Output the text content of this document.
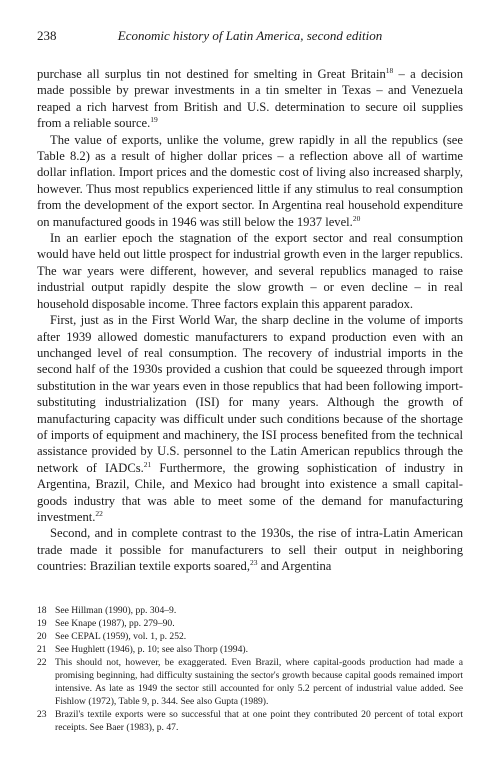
238	Economic history of Latin America, second edition

purchase all surplus tin not destined for smelting in Great Britain$^{18}$ – a decision made possible by prewar investments in a tin smelter in Texas – and Venezuela reaped a rich harvest from British and U.S. determination to secure oil supplies from a reliable source.$^{19}$

The value of exports, unlike the volume, grew rapidly in all the republics (see Table 8.2) as a result of higher dollar prices – a reflection above all of wartime dollar inflation. Import prices and the domestic cost of living also increased sharply, however. Thus most republics experienced little if any stimulus to real consumption from the development of the export sector. In Argentina real household expenditure on manufactured goods in 1946 was still below the 1937 level.$^{20}$

In an earlier epoch the stagnation of the export sector and real consumption would have held out little prospect for industrial growth even in the larger republics. The war years were different, however, and several republics managed to raise industrial output rapidly despite the slow growth – or even decline – in real household disposable income. Three factors explain this apparent paradox.

First, just as in the First World War, the sharp decline in the volume of imports after 1939 allowed domestic manufacturers to expand production even with an unchanged level of real consumption. The recovery of industrial imports in the second half of the 1930s provided a cushion that could be squeezed through import substitution in the war years even in those republics that had been following import-substituting industrialization (ISI) for many years. Although the growth of manufacturing capacity was difficult under such conditions because of the shortage of imports of equipment and machinery, the ISI process benefited from the technical assistance provided by U.S. personnel to the Latin American republics through the network of IADCs.$^{21}$ Furthermore, the growing sophistication of industry in Argentina, Brazil, Chile, and Mexico had brought into existence a small capital-goods industry that was able to meet some of the demand for manufacturing investment.$^{22}$

Second, and in complete contrast to the 1930s, the rise of intra-Latin American trade made it possible for manufacturers to sell their output in neighboring countries: Brazilian textile exports soared,$^{23}$ and Argentina

18 See Hillman (1990), pp. 304–9.
19 See Knape (1987), pp. 279–90.
20 See CEPAL (1959), vol. 1, p. 252.
21 See Hughlett (1946), p. 10; see also Thorp (1994).
22 This should not, however, be exaggerated. Even Brazil, where capital-goods production had made a promising beginning, had difficulty sustaining the sector's growth because capital goods remained import intensive. As late as 1949 the sector still accounted for only 5.2 percent of industrial value added. See Fishlow (1972), Table 9, p. 344. See also Gupta (1989).
23 Brazil's textile exports were so successful that at one point they contributed 20 percent of total export receipts. See Baer (1983), p. 47.
